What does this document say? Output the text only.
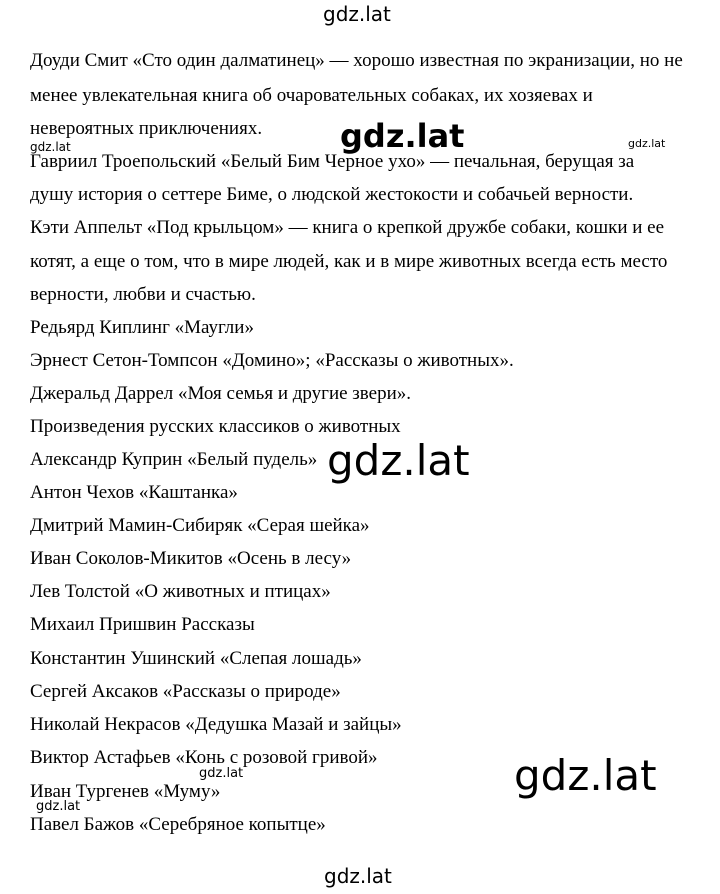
Доуди Смит «Сто один далматинец» — хорошо известная по экранизации, но не
менее увлекательная книга об очаровательных собаках, их хозяевах и
невероятных приключениях.
Гавриил Троепольский «Белый Бим Черное ухо» — печальная, берущая за
душу история о сеттере Биме, о людской жестокости и собачьей верности.
Кэти Аппельт «Под крыльцом» — книга о крепкой дружбе собаки, кошки и ее
котят, а еще о том, что в мире людей, как и в мире животных всегда есть место
верности, любви и счастью.
Редьярд Киплинг «Маугли»
Эрнест Сетон-Томпсон «Домино»; «Рассказы о животных».
Джеральд Даррел «Моя семья и другие звери».
Произведения русских классиков о животных
Александр Куприн «Белый пудель»
Антон Чехов «Каштанка»
Дмитрий Мамин-Сибиряк «Серая шейка»
Иван Соколов-Микитов «Осень в лесу»
Лев Толстой «О животных и птицах»
Михаил Пришвин Рассказы
Константин Ушинский «Слепая лошадь»
Сергей Аксаков «Рассказы о природе»
Николай Некрасов «Дедушка Мазай и зайцы»
Виктор Астафьев «Конь с розовой гривой»
Иван Тургенев «Муму»
Павел Бажов «Серебряное копытце»
gdz.lat
gdz.lat
gdz.lat	gdz.lat
gdz.lat
gdz.lat
gdz.lat
gdz.lat
gdz.lat
